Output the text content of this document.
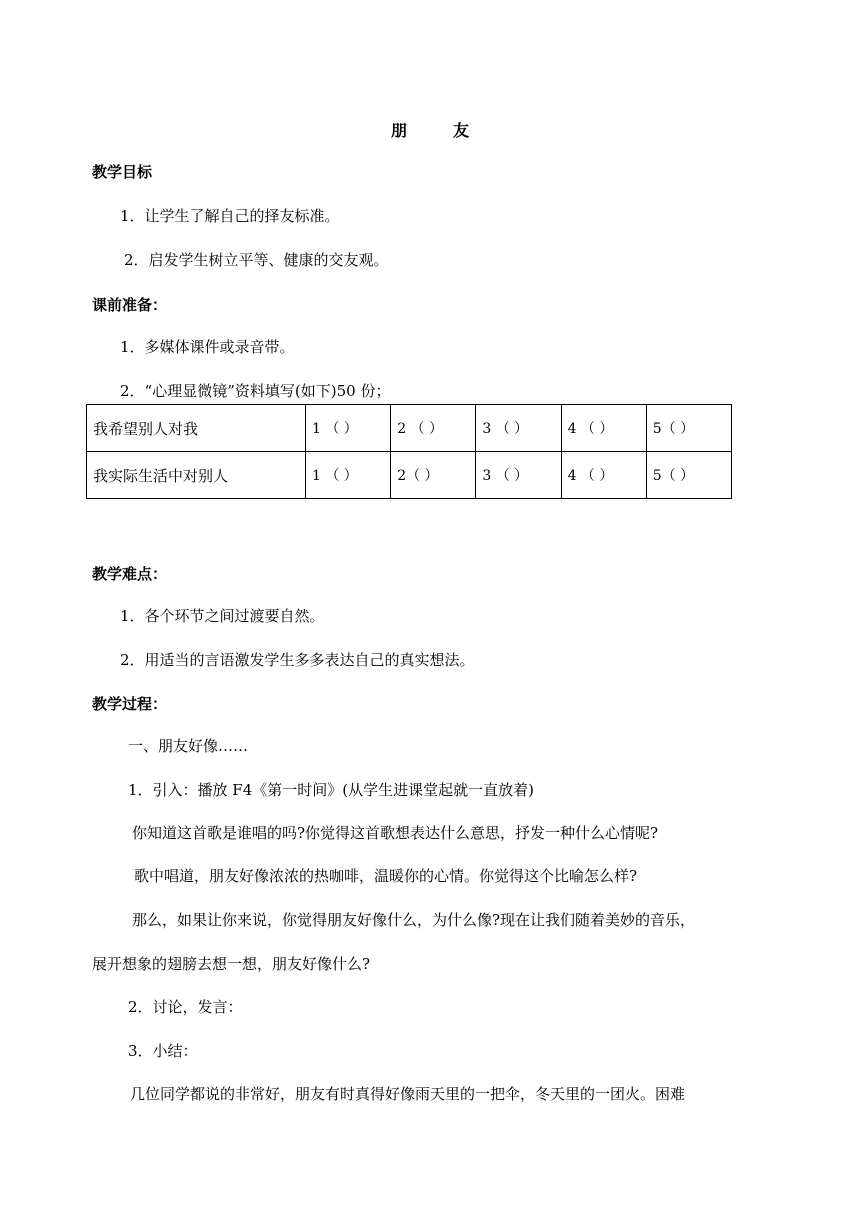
朋	友
教学目标
1．让学生了解自己的择友标准。
2．启发学生树立平等、健康的交友观。
课前准备：
1．多媒体课件或录音带。
2．“心理显微镜”资料填写(如下)50 份；
我希望别人对我	1 （ ）	2 （ ）	3 （ ）	4 （ ）	5（ ）
我实际生活中对别人	1 （ ）	2（ ）	3 （ ）	4 （ ）	5（ ）
教学难点：
1．各个环节之间过渡要自然。
2．用适当的言语激发学生多多表达自己的真实想法。
教学过程：
一、朋友好像……
1．引入：播放 F4《第一时间》(从学生进课堂起就一直放着)
你知道这首歌是谁唱的吗?你觉得这首歌想表达什么意思，抒发一种什么心情呢?
歌中唱道，朋友好像浓浓的热咖啡，温暖你的心情。你觉得这个比喻怎么样?
那么，如果让你来说，你觉得朋友好像什么，为什么像?现在让我们随着美妙的音乐，
展开想象的翅膀去想一想，朋友好像什么?
2．讨论，发言：
3．小结：
几位同学都说的非常好，朋友有时真得好像雨天里的一把伞，冬天里的一团火。困难
